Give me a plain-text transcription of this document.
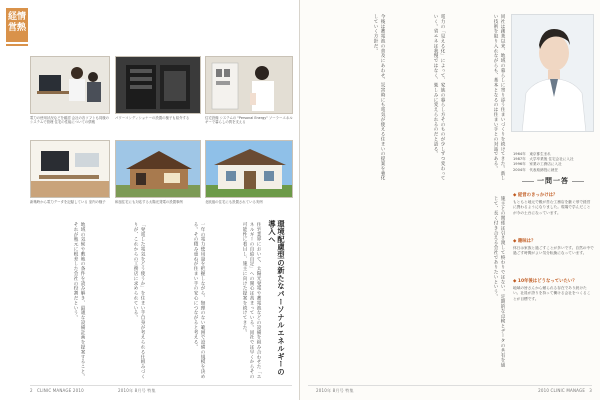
経情
営熱
電力の使用状況などを確認 会社の各ソフトも同様のシステムで管理 住宅の性能についての情報
パワーコンディショナーの設置の様子も紹介する	住宅設備 システムの "Personal Energy" ソーラーエネルギーで暮らしの質を支える
新築時から電力データを記録している 室内の様子	和風住宅にも対応する太陽光発電の設置事例	北欧風の住宅にも設置されている実例
環境配慮型の新たなパーソナルエネルギーの導入へ
住宅業界において、太陽光発電や蓄電池などの設備を組み合わせた「エネルギーの自給自足」への関心は高まっている。同社では早くからその可能性に着目し、施主に向けた提案を続けてきた。
一年の電力使用量を把握しながら、無理のない範囲で設備の規模を決める。その積み重ねが住まい手の安心につながると考える。
「発電した電気をどう使うか」を住まい手自身が考えられる仕組みづくりが、これからの工務店に求められている。
地域の気候や敷地の条件を読み解き、最適な設備計画を提案すること。それが地元に根差した会社の役割だという。
2　CLINIC MANAGE 2010	2010年 8月号 特集
同社は創業以来、地域の暮らしに寄り添う住まいづくりを続けてきた。新しい技術を取り入れながらも、基本となるのは住まい手との対話である。
電力の「見える化」によって、家族の暮らし方そのものが少しずつ変わっていく。省エネは我慢ではなく、楽しみに変えられるのだと語る。
今後は蓄電池の普及にあわせ、災害時にも電気が使える住まいの提案を強化していく方針だ。
施主との関係は引き渡して終わりではない。定期的な点検とデータの共有を通じて、長く付き合える会社でありたいという。
1964年　東京都生まれ
1987年　大学卒業後 住宅会社に入社
1996年　家業の工務店に入社
2004年　代表取締役に就任
一問一答
◆ 経営のきっかけは？
もともと地元で親が営む工務店を継ぐ形で経営に携わるようになりました。現場で学んだことが今の土台になっています。
◆ 趣味は？
休日は家族と過ごすことが多いです。自然の中で過ごす時間がよい気分転換になっています。
◆ 10年後はどうなっていたい？
地域の皆さんから頼られる存在であり続けたい。社員が誇りを持って働ける会社をつくることが目標です。
2010年 8月号 特集	2010 CLINIC MANAGE　3
